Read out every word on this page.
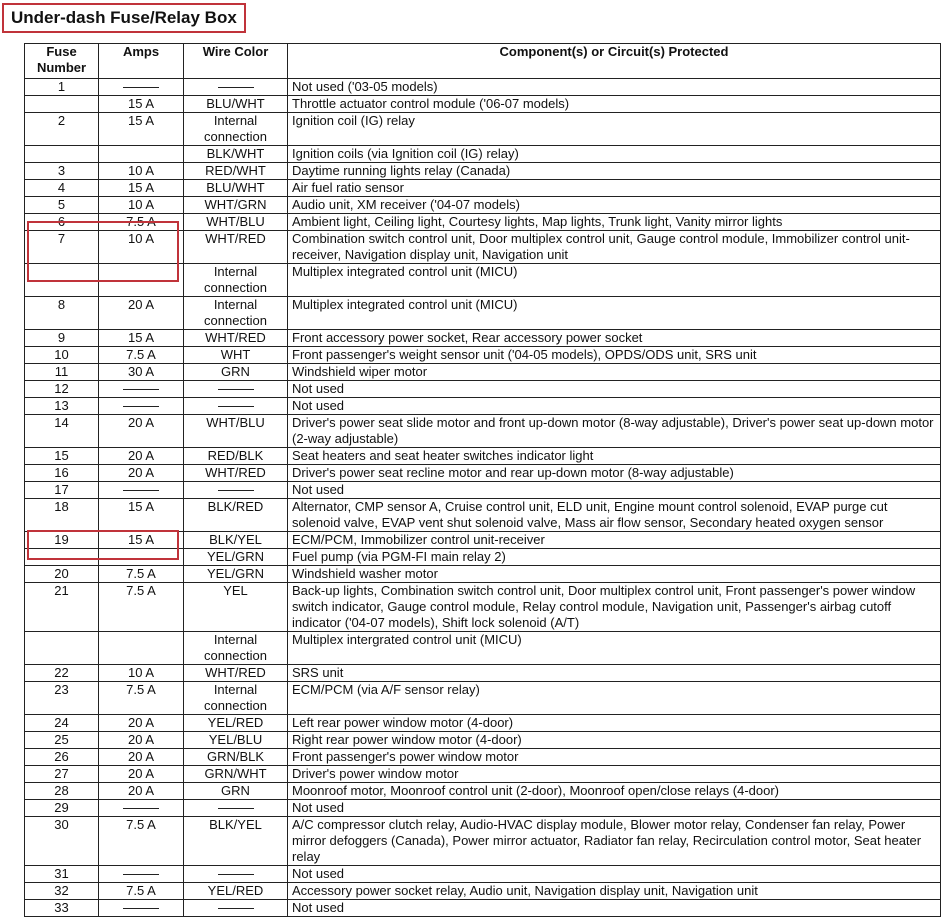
Under-dash Fuse/Relay Box
Fuse Number	Amps	Wire Color	Component(s) or Circuit(s) Protected
1			Not used ('03-05 models)
	15 A	BLU/WHT	Throttle actuator control module ('06-07 models)
2	15 A	Internal connection	Ignition coil (IG) relay
		BLK/WHT	Ignition coils (via Ignition coil (IG) relay)
3	10 A	RED/WHT	Daytime running lights relay (Canada)
4	15 A	BLU/WHT	Air fuel ratio sensor
5	10 A	WHT/GRN	Audio unit, XM receiver ('04-07 models)
6	7.5 A	WHT/BLU	Ambient light, Ceiling light, Courtesy lights, Map lights, Trunk light, Vanity mirror lights
7	10 A	WHT/RED	Combination switch control unit, Door multiplex control unit, Gauge control module, Immobilizer control unit-receiver, Navigation display unit, Navigation unit
		Internal connection	Multiplex integrated control unit (MICU)
8	20 A	Internal connection	Multiplex integrated control unit (MICU)
9	15 A	WHT/RED	Front accessory power socket, Rear accessory power socket
10	7.5 A	WHT	Front passenger's weight sensor unit ('04-05 models), OPDS/ODS unit, SRS unit
11	30 A	GRN	Windshield wiper motor
12			Not used
13			Not used
14	20 A	WHT/BLU	Driver's power seat slide motor and front up-down motor (8-way adjustable), Driver's power seat up-down motor (2-way adjustable)
15	20 A	RED/BLK	Seat heaters and seat heater switches indicator light
16	20 A	WHT/RED	Driver's power seat recline motor and rear up-down motor (8-way adjustable)
17			Not used
18	15 A	BLK/RED	Alternator, CMP sensor A, Cruise control unit, ELD unit, Engine mount control solenoid, EVAP purge cut solenoid valve, EVAP vent shut solenoid valve, Mass air flow sensor, Secondary heated oxygen sensor
19	15 A	BLK/YEL	ECM/PCM, Immobilizer control unit-receiver
		YEL/GRN	Fuel pump (via PGM-FI main relay 2)
20	7.5 A	YEL/GRN	Windshield washer motor
21	7.5 A	YEL	Back-up lights, Combination switch control unit, Door multiplex control unit, Front passenger's power window switch indicator, Gauge control module, Relay control module, Navigation unit, Passenger's airbag cutoff indicator ('04-07 models), Shift lock solenoid (A/T)
		Internal connection	Multiplex intergrated control unit (MICU)
22	10 A	WHT/RED	SRS unit
23	7.5 A	Internal connection	ECM/PCM (via A/F sensor relay)
24	20 A	YEL/RED	Left rear power window motor (4-door)
25	20 A	YEL/BLU	Right rear power window motor (4-door)
26	20 A	GRN/BLK	Front passenger's power window motor
27	20 A	GRN/WHT	Driver's power window motor
28	20 A	GRN	Moonroof motor, Moonroof control unit (2-door), Moonroof open/close relays (4-door)
29			Not used
30	7.5 A	BLK/YEL	A/C compressor clutch relay, Audio-HVAC display module, Blower motor relay, Condenser fan relay, Power mirror defoggers (Canada), Power mirror actuator, Radiator fan relay, Recirculation control motor, Seat heater relay
31			Not used
32	7.5 A	YEL/RED	Accessory power socket relay, Audio unit, Navigation display unit, Navigation unit
33			Not used
